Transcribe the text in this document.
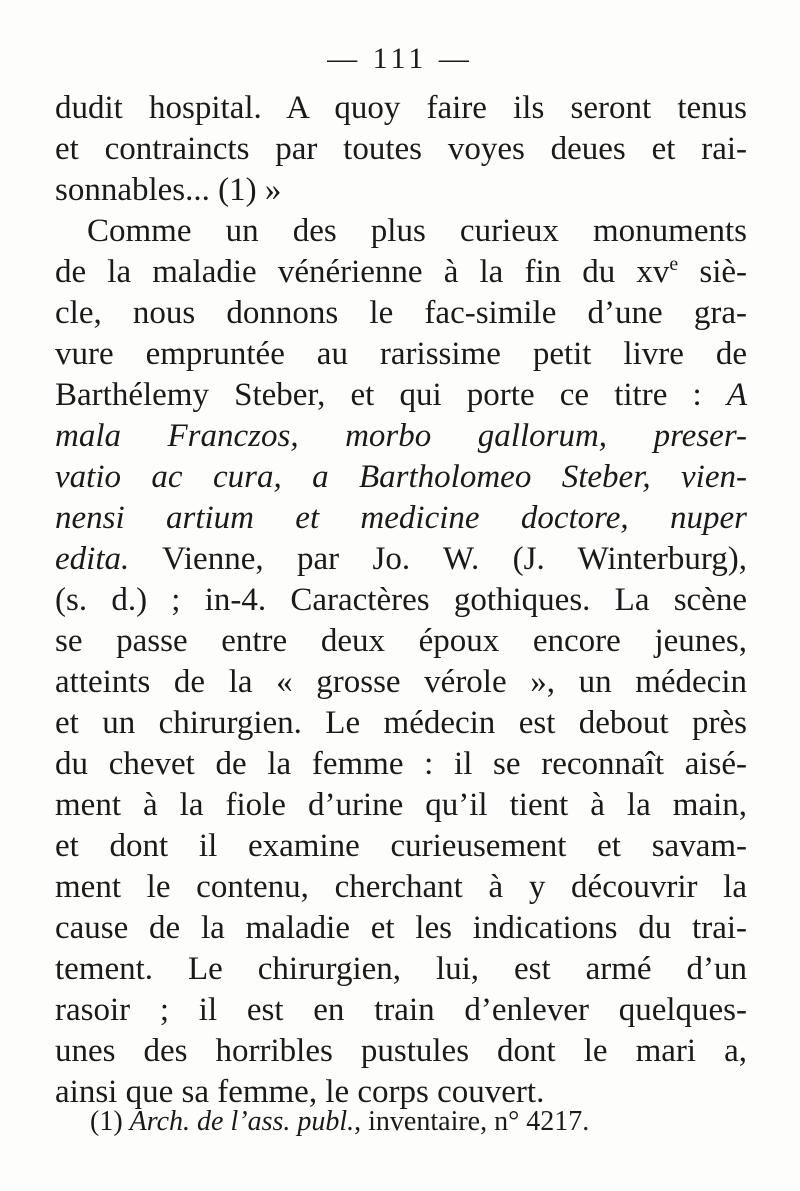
— 111 —
dudit hospital. A quoy faire ils seront tenus
et contraincts par toutes voyes deues et rai-
sonnables... (1) »
Comme un des plus curieux monuments
de la maladie vénérienne à la fin du $xv^e$ siè-
cle, nous donnons le fac-simile d’une gra-
vure empruntée au rarissime petit livre de
Barthélemy Steber, et qui porte ce titre : A
mala Franczos, morbo gallorum, preser-
vatio ac cura, a Bartholomeo Steber, vien-
nensi artium et medicine doctore, nuper
edita. Vienne, par Jo. W. (J. Winterburg),
(s. d.) ; in-4. Caractères gothiques. La scène
se passe entre deux époux encore jeunes,
atteints de la « grosse vérole », un médecin
et un chirurgien. Le médecin est debout près
du chevet de la femme : il se reconnaît aisé-
ment à la fiole d’urine qu’il tient à la main,
et dont il examine curieusement et savam-
ment le contenu, cherchant à y découvrir la
cause de la maladie et les indications du trai-
tement. Le chirurgien, lui, est armé d’un
rasoir ; il est en train d’enlever quelques-
unes des horribles pustules dont le mari a,
ainsi que sa femme, le corps couvert.
(1) Arch. de l’ass. publ., inventaire, n° 4217.
